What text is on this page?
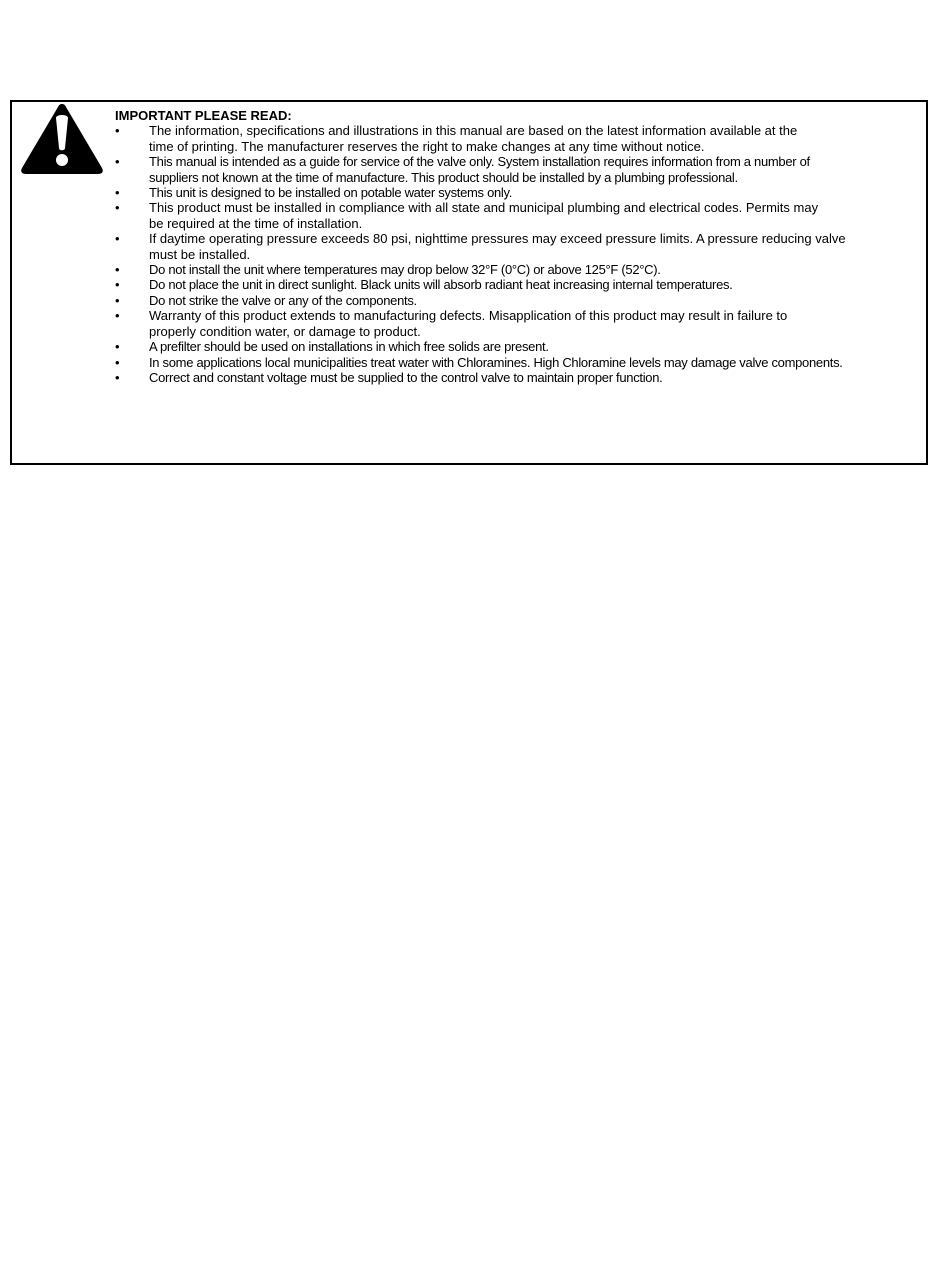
IMPORTANT PLEASE READ:

• The information, specifications and illustrations in this manual are based on the latest information available at the
time of printing. The manufacturer reserves the right to make changes at any time without notice.
• This manual is intended as a guide for service of the valve only. System installation requires information from a number of
suppliers not known at the time of manufacture. This product should be installed by a plumbing professional.
• This unit is designed to be installed on potable water systems only.
• This product must be installed in compliance with all state and municipal plumbing and electrical codes. Permits may
be required at the time of installation.
• If daytime operating pressure exceeds 80 psi, nighttime pressures may exceed pressure limits. A pressure reducing valve
must be installed.
• Do not install the unit where temperatures may drop below 32°F (0°C) or above 125°F (52°C).
• Do not place the unit in direct sunlight. Black units will absorb radiant heat increasing internal temperatures.
• Do not strike the valve or any of the components.
• Warranty of this product extends to manufacturing defects. Misapplication of this product may result in failure to
properly condition water, or damage to product.
• A prefilter should be used on installations in which free solids are present.
• In some applications local municipalities treat water with Chloramines. High Chloramine levels may damage valve components.
• Correct and constant voltage must be supplied to the control valve to maintain proper function.
